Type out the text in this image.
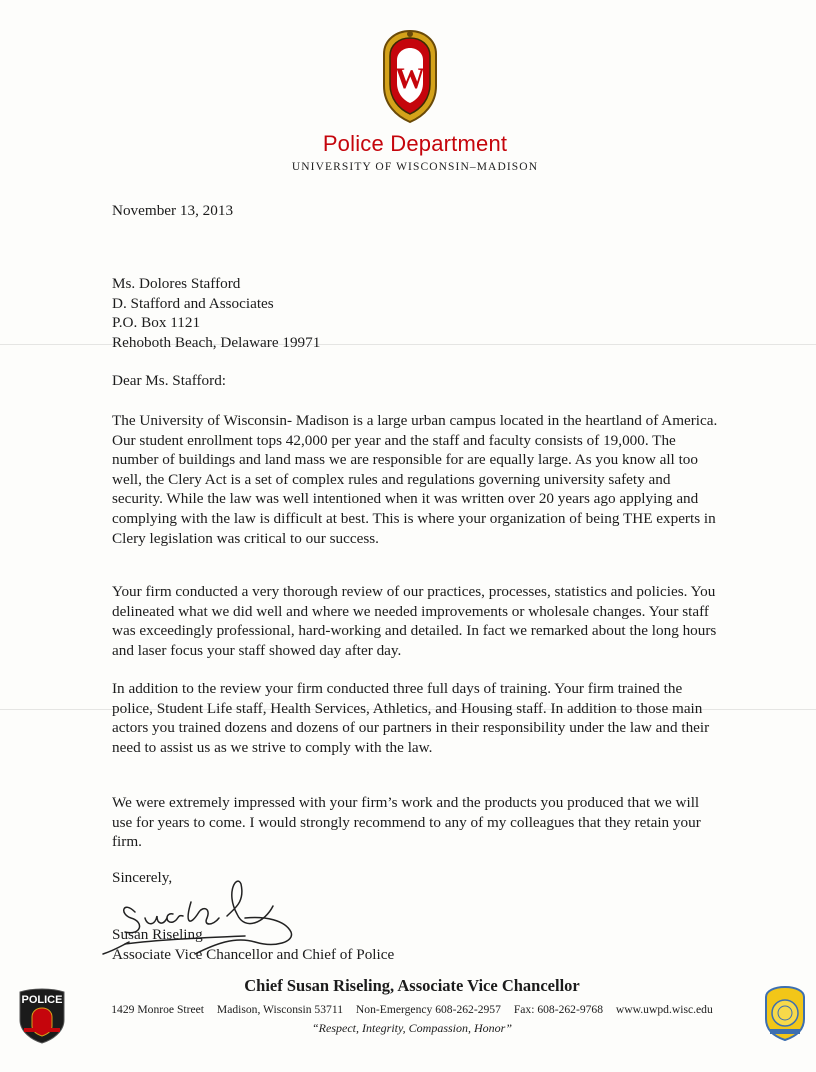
W
Police Department
UNIVERSITY OF WISCONSIN–MADISON
November 13, 2013
Ms. Dolores Stafford
D. Stafford and Associates
P.O. Box 1121
Rehoboth Beach, Delaware 19971
Dear Ms. Stafford:

The University of Wisconsin- Madison is a large urban campus located in the heartland of America. Our student enrollment tops 42,000 per year and the staff and faculty consists of 19,000. The number of buildings and land mass we are responsible for are equally large. As you know all too well, the Clery Act is a set of complex rules and regulations governing university safety and security. While the law was well intentioned when it was written over 20 years ago applying and complying with the law is difficult at best. This is where your organization of being THE experts in Clery legislation was critical to our success.

Your firm conducted a very thorough review of our practices, processes, statistics and policies. You delineated what we did well and where we needed improvements or wholesale changes. Your staff was exceedingly professional, hard-working and detailed. In fact we remarked about the long hours and laser focus your staff showed day after day.

In addition to the review your firm conducted three full days of training. Your firm trained the police, Student Life staff, Health Services, Athletics, and Housing staff. In addition to those main actors you trained dozens and dozens of our partners in their responsibility under the law and their need to assist us as we strive to comply with the law.

We were extremely impressed with your firm’s work and the products you produced that we will use for years to come. I would strongly recommend to any of my colleagues that they retain your firm.

Sincerely,
Susan Riseling
Associate Vice Chancellor and Chief of Police
POLICE
Chief Susan Riseling, Associate Vice Chancellor
1429 Monroe Street Madison, Wisconsin 53711 Non-Emergency 608-262-2957 Fax: 608-262-9768 www.uwpd.wisc.edu
“Respect, Integrity, Compassion, Honor”
